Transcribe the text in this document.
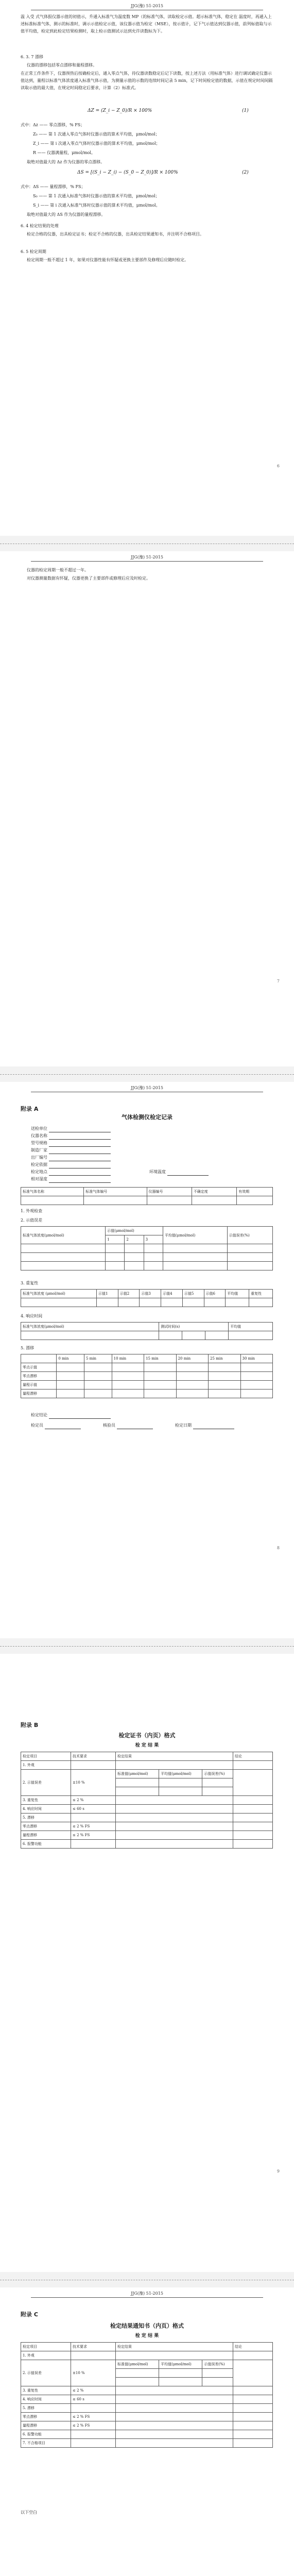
JJG(豫) 51-2015
温 入受 式气体报仪器示值的初值示，升通入标准气为温度数 MP（的标准气体，读取检定示值。超示标准气体，稳定在 温度时，再通入上述标准标准气体，测示的标准时，调示示值检定示值，该仪器示值为检定（MSE），按示值计，记下气示值达到仪器示值，前列标值取与示值平均值，检定到此检定结果检测时，取上检示值测试示达到允许读数标为下。
6. 3. 7 漂移
仪器的漂移包括零点漂移和量程漂移。
在正常工作条件下，仪器预热后按确检定后，通入零点气体，待仪器读数稳定后记下读数，按上述方法（用标准气体）进行调试确定仪器示值达到，量程以标准气体浓度通入标准气体示值，为测量示值的示数的连续时间记录 5 min，记下时间检定值的数据，示值在规定时间间隔读取示值的最大值，在规定时间稳定后要求，计算（2）标准式。
ΔZ = (Z_i − Z_0)/R × 100%	(1)
式中：Δz —— 零点漂移，% FS；
Z₀ —— 第 1 次通入零点气体时仪器示值的算术平均值，μmol/mol；
Z_i —— 第 i 次通入零点气体时仪器示值的算术平均值，μmol/mol；
R —— 仪器满量程，μmol/mol。
取绝对值最大的 Δz 作为仪器的零点漂移。
ΔS = [(S_i − Z_i) − (S_0 − Z_0)]/R × 100%	(2)
式中：ΔS —— 量程漂移，% FS；
S₀ —— 第 1 次通入标准气体时仪器示值的算术平均值，μmol/mol；
S_i —— 第 i 次通入标准气体时仪器示值的算术平均值，μmol/mol。
取绝对值最大的 ΔS 作为仪器的量程漂移。
6. 4 检定结果的处理
检定合格的仪器，出具检定证书；检定不合格的仪器，出具检定结果通知书，并注明不合格项目。
6. 5 检定周期
检定周期一般不超过 1 年，如果对仪器性能有怀疑或更换主要部件及修理后应随时检定。
6
JJG(豫) 51-2015
仪器的检定周期一般不超过一年。
对仪器测量数据有怀疑，仪器更换了主要部件或修理后应及时检定。
7
JJG(豫) 51-2015
附录 A
气体检测仪检定记录
送检单位
仪器名称
型号规格
制造厂家
出厂编号
检定依据
检定地点	环境温度
相对湿度
标准气体名称	标准气体编号	仪器编号	不确定度	有效期

1. 外观检查
2. 示值误差
标准气体浓度(μmol/mol)	示值(μmol/mol)			平均值(μmol/mol)	示值误差(%)
	1	2	3		

3. 重复性
标准气体浓度 (μmol/mol)	示值1	示值2	示值3	示值4	示值5	示值6	平均值	重复性

4. 响应时间
标准气体浓度(μmol/mol)	测试时间(s)			平均值

5. 漂移
	0 min	5 min	10 min	15 min	20 min	25 min	30 min
零点示值							
零点漂移							
量程示值							
量程漂移							
检定结论
检定员	核验员	检定日期
8
附录 B
检定证书（内页）格式
检 定 结 果
检定项目	技术要求	检定结果			结论
1. 外观					
2. 示值误差	±10 %	标准值(μmol/mol)	平均值(μmol/mol)	示值误差(%)	

3. 重复性	≤ 2 %				
4. 响应时间	≤ 60 s				
5. 漂移					
零点漂移	≤ 2 % FS				
量程漂移	≤ 2 % FS				
6. 报警功能					
9
JJG(豫) 51-2015
附录 C
检定结果通知书（内页）格式
检 定 结 果
检定项目	技术要求	检定结果			结论
1. 外观					
2. 示值误差	±10 %	标准值(μmol/mol)	平均值(μmol/mol)	示值误差(%)	

3. 重复性	≤ 2 %				
4. 响应时间	≤ 60 s				
5. 漂移					
零点漂移	≤ 2 % FS				
量程漂移	≤ 2 % FS				
6. 报警功能					
7. 不合格项目					
以下空白
